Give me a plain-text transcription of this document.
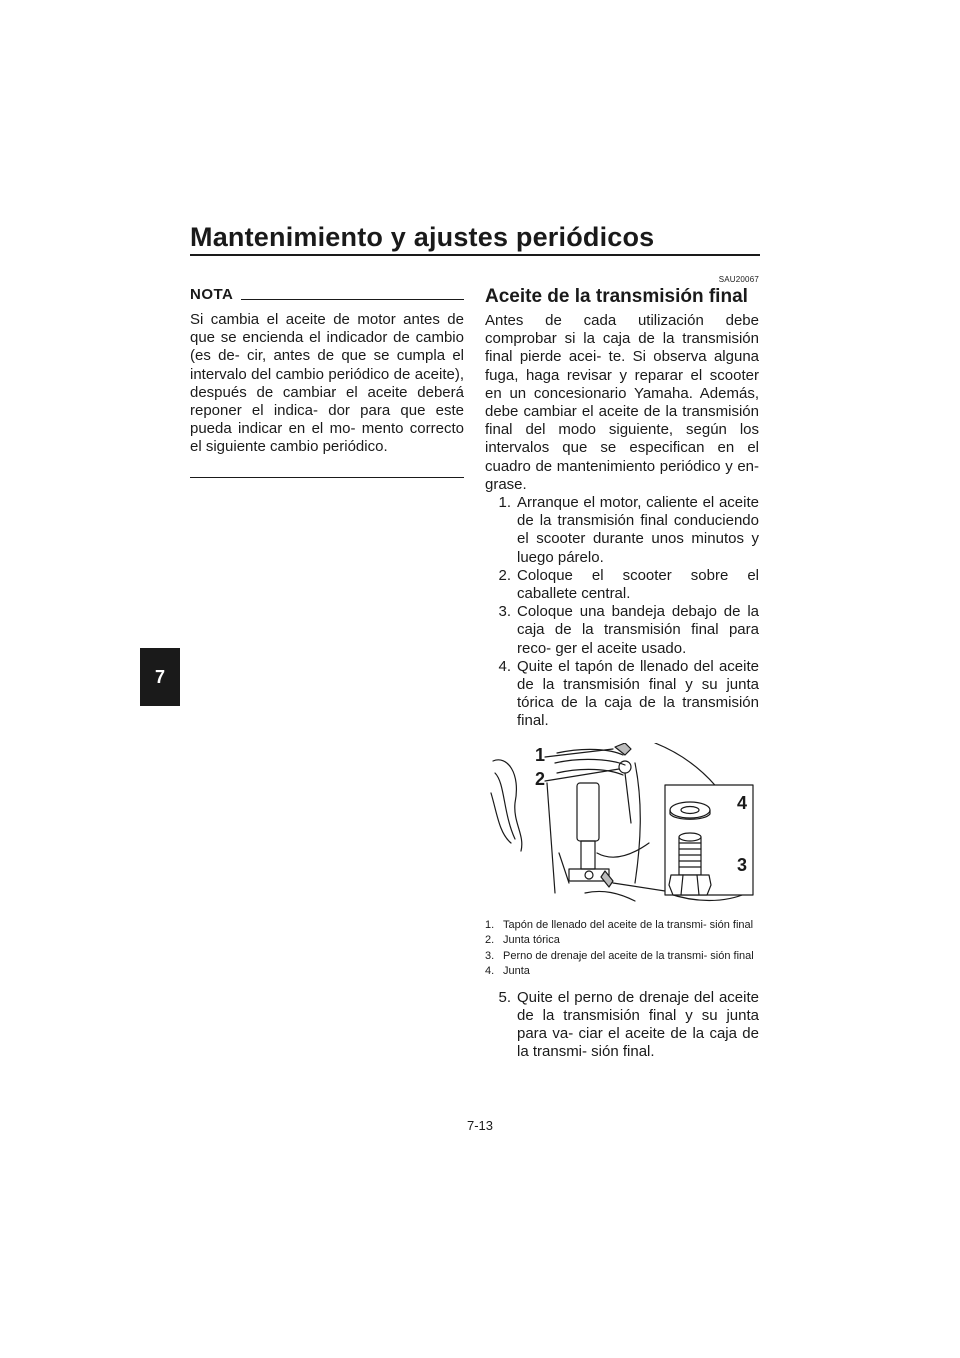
Mantenimiento y ajustes periódicos
7
NOTA

Si cambia el aceite de motor antes de que se encienda el indicador de cambio (es de- cir, antes de que se cumpla el intervalo del cambio periódico de aceite), después de cambiar el aceite deberá reponer el indica- dor para que este pueda indicar en el mo- mento correcto el siguiente cambio periódico.

SAU20067
Aceite de la transmisión final

Antes de cada utilización debe comprobar si la caja de la transmisión final pierde acei- te. Si observa alguna fuga, haga revisar y reparar el scooter en un concesionario Yamaha. Además, debe cambiar el aceite de la transmisión final del modo siguiente, según los intervalos que se especifican en el cuadro de mantenimiento periódico y en- grase.

1. Arranque el motor, caliente el aceite de la transmisión final conduciendo el scooter durante unos minutos y luego párelo.
2. Coloque el scooter sobre el caballete central.
3. Coloque una bandeja debajo de la caja de la transmisión final para reco- ger el aceite usado.
4. Quite el tapón de llenado del aceite de la transmisión final y su junta tórica de la caja de la transmisión final.
1
2
3
4
1. Tapón de llenado del aceite de la transmi- sión final
2. Junta tórica
3. Perno de drenaje del aceite de la transmi- sión final
4. Junta
5. Quite el perno de drenaje del aceite de la transmisión final y su junta para va- ciar el aceite de la caja de la transmi- sión final.
7-13
